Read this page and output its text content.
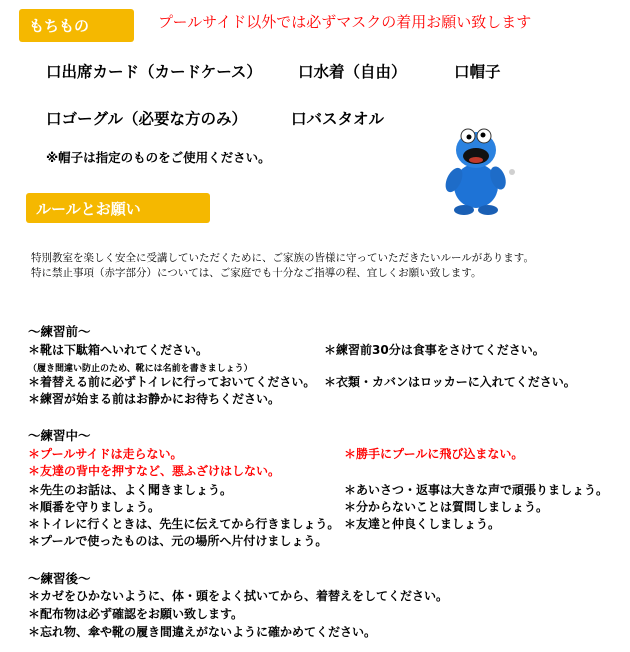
もちもの	プールサイド以外では必ずマスクの着用お願い致します
口出席カード（カードケース） 口水着（自由）	口帽子
口ゴーグル（必要な方のみ）	口バスタオル
※帽子は指定のものをご使用ください。
ルールとお願い
特別教室を楽しく安全に受講していただくために、ご家族の皆様に守っていただきたいルールがあります。
特に禁止事項（赤字部分）については、ご家庭でも十分なご指導の程、宜しくお願い致します。
～練習前～
＊靴は下駄箱へいれてください。
（履き間違い防止のため、靴には名前を書きましょう）
＊着替える前に必ずトイレに行っておいてください。
＊練習が始まる前はお静かにお待ちください。
＊練習前30分は食事をさけてください。
＊衣類・カバンはロッカーに入れてください。
～練習中～
＊プールサイドは走らない。	＊勝手にプールに飛び込まない。
＊友達の背中を押すなど、悪ふざけはしない。
＊先生のお話は、よく聞きましょう。
＊順番を守りましょう。
＊トイレに行くときは、先生に伝えてから行きましょう。
＊プールで使ったものは、元の場所へ片付けましょう。
＊あいさつ・返事は大きな声で頑張りましょう。
＊分からないことは質問しましょう。
＊友達と仲良くしましょう。
～練習後～
＊カゼをひかないように、体・頭をよく拭いてから、着替えをしてください。
＊配布物は必ず確認をお願い致します。
＊忘れ物、傘や靴の履き間違えがないように確かめてください。
